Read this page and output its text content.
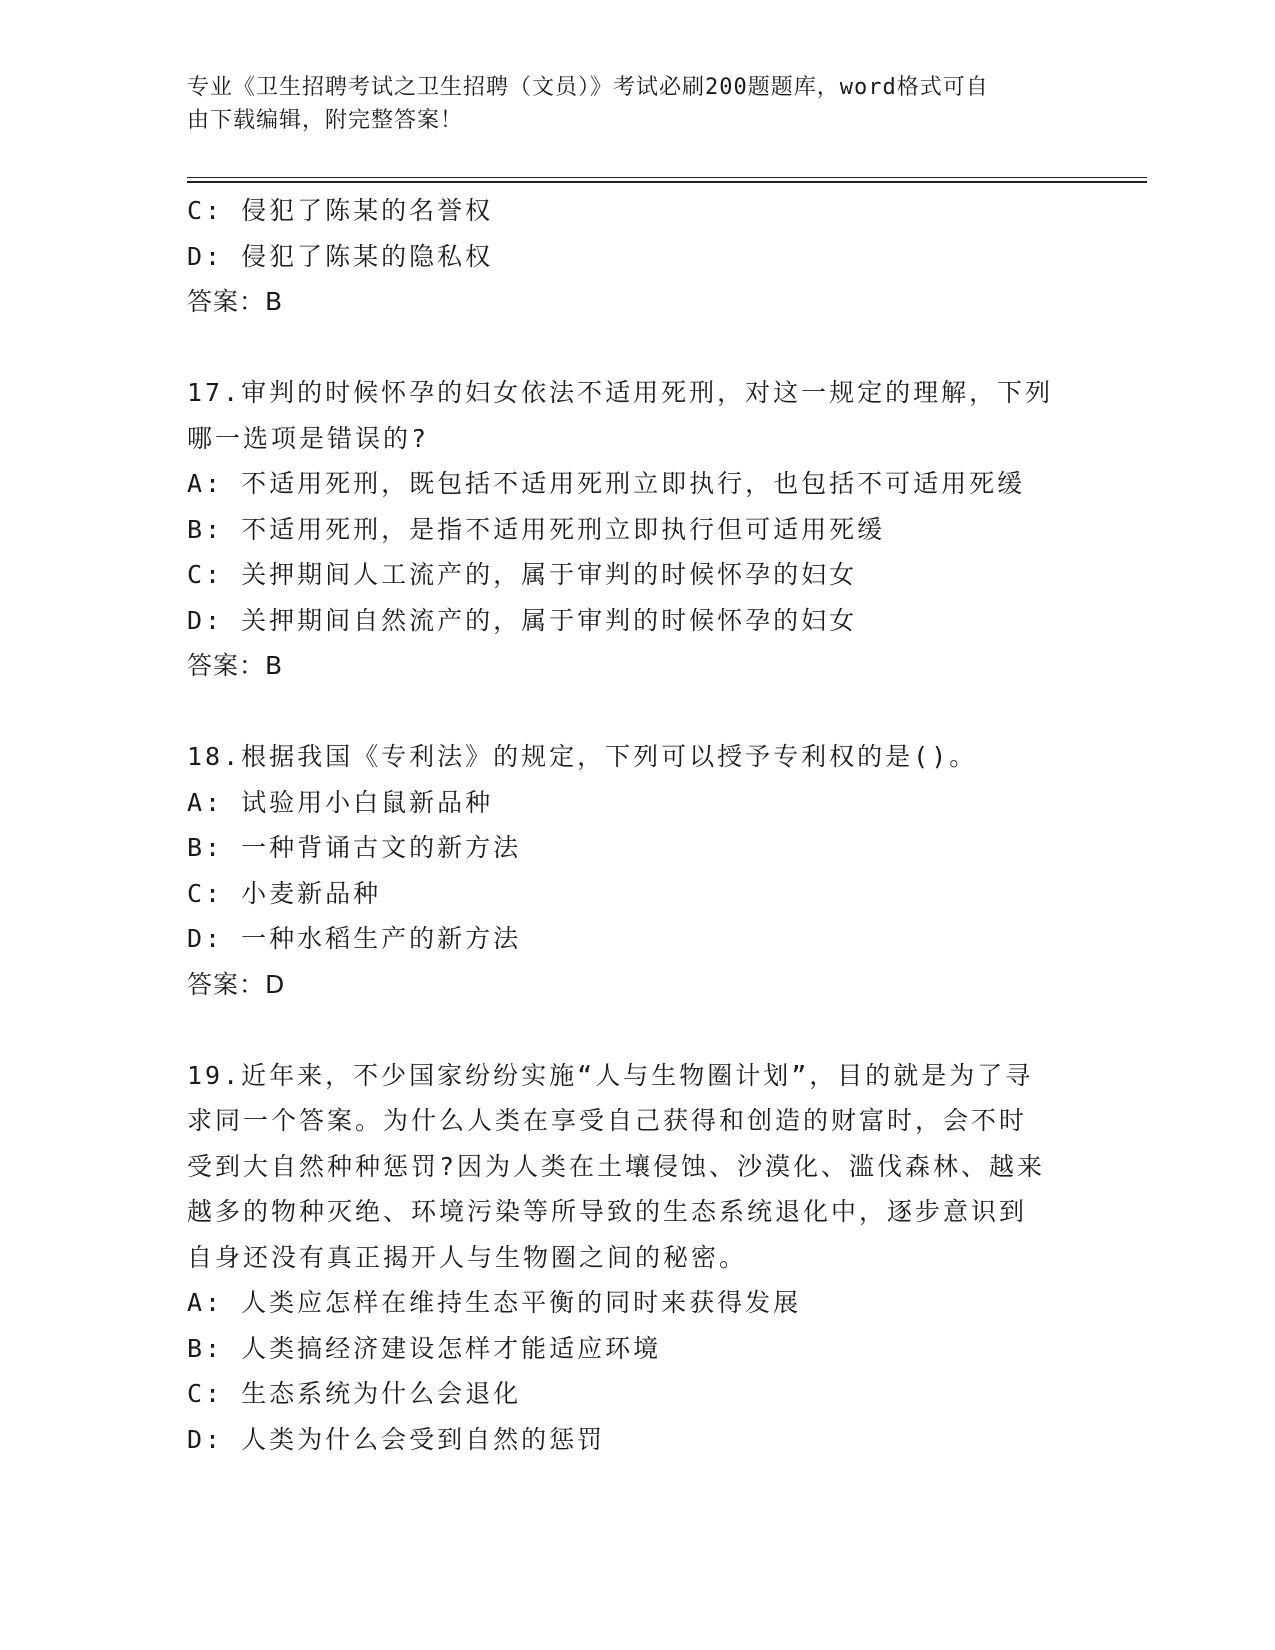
专业《卫生招聘考试之卫生招聘（文员）》考试必刷200题题库，word格式可自
由下载编辑，附完整答案！
C: 侵犯了陈某的名誉权
D: 侵犯了陈某的隐私权
答案：B
17.审判的时候怀孕的妇女依法不适用死刑，对这一规定的理解，下列
哪一选项是错误的?
A: 不适用死刑，既包括不适用死刑立即执行，也包括不可适用死缓
B: 不适用死刑，是指不适用死刑立即执行但可适用死缓
C: 关押期间人工流产的，属于审判的时候怀孕的妇女
D: 关押期间自然流产的，属于审判的时候怀孕的妇女
答案：B
18.根据我国《专利法》的规定，下列可以授予专利权的是()。
A: 试验用小白鼠新品种
B: 一种背诵古文的新方法
C: 小麦新品种
D: 一种水稻生产的新方法
答案：D
19.近年来，不少国家纷纷实施“人与生物圈计划”，目的就是为了寻
求同一个答案。为什么人类在享受自己获得和创造的财富时，会不时
受到大自然种种惩罚?因为人类在土壤侵蚀、沙漠化、滥伐森林、越来
越多的物种灭绝、环境污染等所导致的生态系统退化中，逐步意识到
自身还没有真正揭开人与生物圈之间的秘密。
A: 人类应怎样在维持生态平衡的同时来获得发展
B: 人类搞经济建设怎样才能适应环境
C: 生态系统为什么会退化
D: 人类为什么会受到自然的惩罚
